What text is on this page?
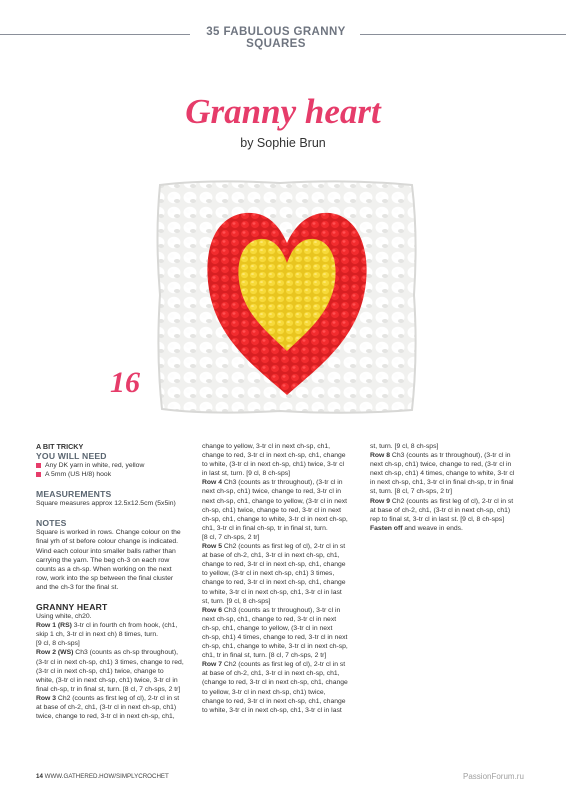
35 FABULOUS GRANNY SQUARES
Granny heart
by Sophie Brun
16
A BIT TRICKY
YOU WILL NEED
Any DK yarn in white, red, yellow
A 5mm (US H/8) hook
MEASUREMENTS
Square measures approx 12.5x12.5cm (5x5in)
NOTES
Square is worked in rows. Change colour on the
final yrh of st before colour change is indicated.
Wind each colour into smaller balls rather than
carrying the yarn. The beg ch-3 on each row
counts as a ch-sp. When working on the next
row, work into the sp between the final cluster
and the ch-3 for the final st.
GRANNY HEART
Using white, ch20.
Row 1 (RS) 3-tr cl in fourth ch from hook, (ch1,
skip 1 ch, 3-tr cl in next ch) 8 times, turn.
[9 cl, 8 ch-sps]
Row 2 (WS) Ch3 (counts as ch-sp throughout),
(3-tr cl in next ch-sp, ch1) 3 times, change to red,
(3-tr cl in next ch-sp, ch1) twice, change to
white, (3-tr cl in next ch-sp, ch1) twice, 3-tr cl in
final ch-sp, tr in final st, turn. [8 cl, 7 ch-sps, 2 tr]
Row 3 Ch2 (counts as first leg of cl), 2-tr cl in st
at base of ch-2, ch1, (3-tr cl in next ch-sp, ch1)
twice, change to red, 3-tr cl in next ch-sp, ch1,
change to yellow, 3-tr cl in next ch-sp, ch1,
change to red, 3-tr cl in next ch-sp, ch1, change
to white, (3-tr cl in next ch-sp, ch1) twice, 3-tr cl
in last st, turn. [9 cl, 8 ch-sps]
Row 4 Ch3 (counts as tr throughout), (3-tr cl in
next ch-sp, ch1) twice, change to red, 3-tr cl in
next ch-sp, ch1, change to yellow, (3-tr cl in next
ch-sp, ch1) twice, change to red, 3-tr cl in next
ch-sp, ch1, change to white, 3-tr cl in next ch-sp,
ch1, 3-tr cl in final ch-sp, tr in final st, turn.
[8 cl, 7 ch-sps, 2 tr]
Row 5 Ch2 (counts as first leg of cl), 2-tr cl in st
at base of ch-2, ch1, 3-tr cl in next ch-sp, ch1,
change to red, 3-tr cl in next ch-sp, ch1, change
to yellow, (3-tr cl in next ch-sp, ch1) 3 times,
change to red, 3-tr cl in next ch-sp, ch1, change
to white, 3-tr cl in next ch-sp, ch1, 3-tr cl in last
st, turn. [9 cl, 8 ch-sps]
Row 6 Ch3 (counts as tr throughout), 3-tr cl in
next ch-sp, ch1, change to red, 3-tr cl in next
ch-sp, ch1, change to yellow, (3-tr cl in next
ch-sp, ch1) 4 times, change to red, 3-tr cl in next
ch-sp, ch1, change to white, 3-tr cl in next ch-sp,
ch1, tr in final st, turn. [8 cl, 7 ch-sps, 2 tr]
Row 7 Ch2 (counts as first leg of cl), 2-tr cl in st
at base of ch-2, ch1, 3-tr cl in next ch-sp, ch1,
(change to red, 3-tr cl in next ch-sp, ch1, change
to yellow, 3-tr cl in next ch-sp, ch1) twice,
change to red, 3-tr cl in next ch-sp, ch1, change
to white, 3-tr cl in next ch-sp, ch1, 3-tr cl in last
st, turn. [9 cl, 8 ch-sps]
Row 8 Ch3 (counts as tr throughout), (3-tr cl in
next ch-sp, ch1) twice, change to red, (3-tr cl in
next ch-sp, ch1) 4 times, change to white, 3-tr cl
in next ch-sp, ch1, 3-tr cl in final ch-sp, tr in final
st, turn. [8 cl, 7 ch-sps, 2 tr]
Row 9 Ch2 (counts as first leg of cl), 2-tr cl in st
at base of ch-2, ch1, (3-tr cl in next ch-sp, ch1)
rep to final st, 3-tr cl in last st. [9 cl, 8 ch-sps]
Fasten off and weave in ends.
14 WWW.GATHERED.HOW/SIMPLYCROCHET	PassionForum.ru
